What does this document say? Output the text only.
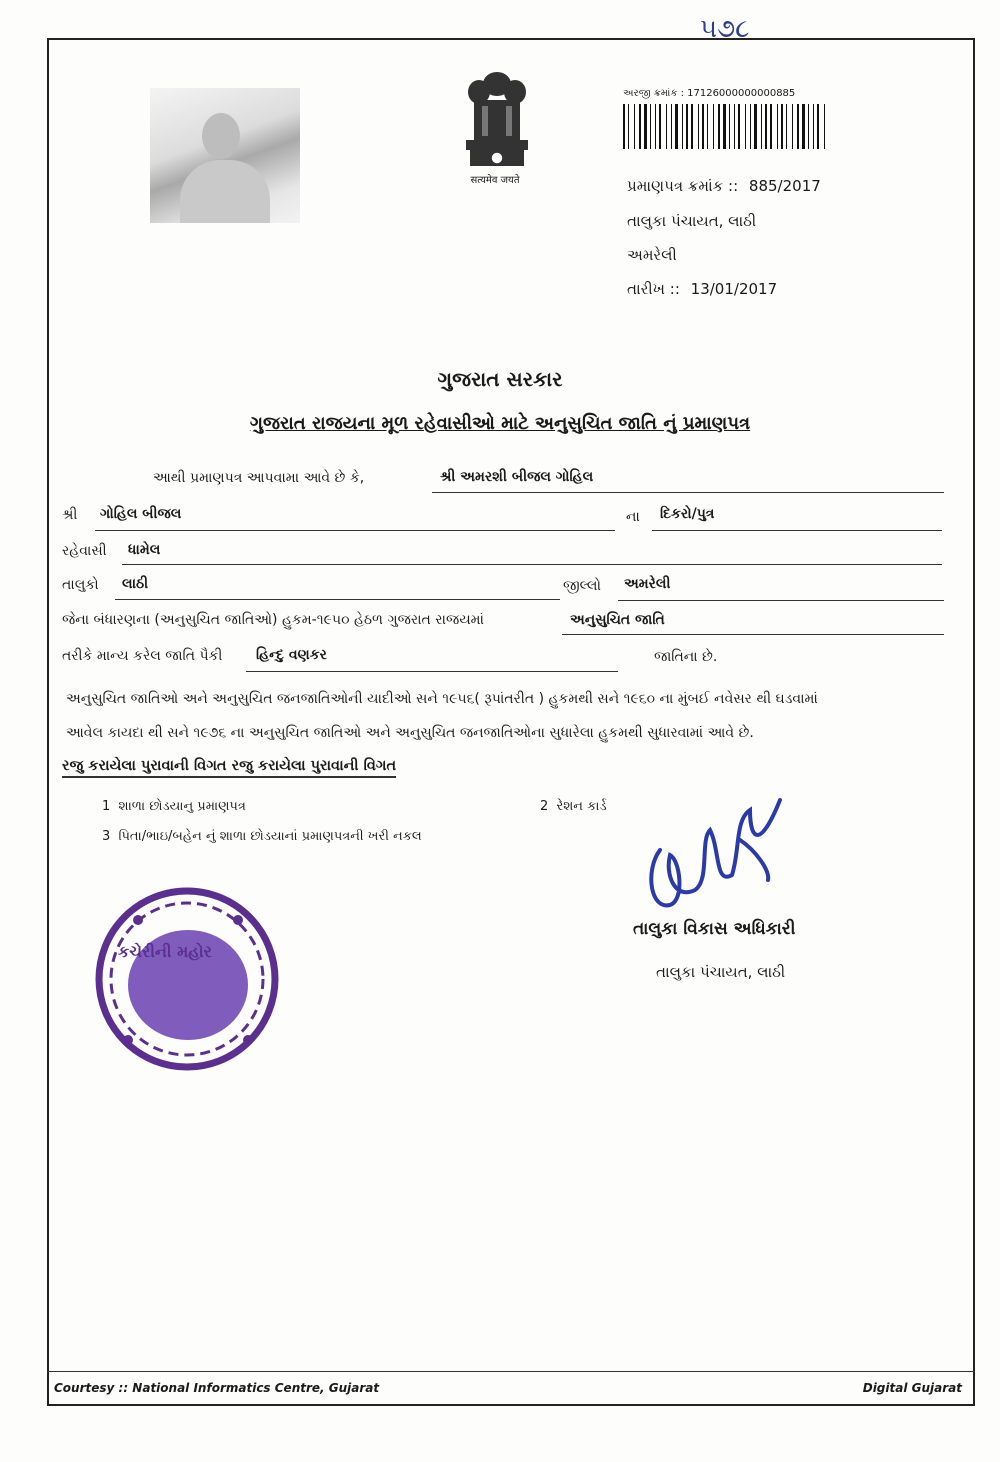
૫૭૮
सत्यमेव जयते
અરજી ક્રમાંક : 17126000000000885
પ્રમાણપત્ર ક્રમાંક :: 885/2017
તાલુકા પંચાયત, લાઠી
અમરેલી
તારીખ :: 13/01/2017
ગુજરાત સરકાર
ગુજરાત રાજયના મૂળ રહેવાસીઓ માટે અનુસુચિત જાતિ નું પ્રમાણપત્ર
આથી પ્રમાણપત્ર આપવામા આવે છે કે,	શ્રી અમરશી બીજલ ગોહિલ
શ્રી ગોહિલ બીજલ	ના દિકરો/પુત્ર
રહેવાસી ધામેલ
તાલુકો લાઠી	જીલ્લો અમરેલી
જેના બંધારણના (અનુસુચિત જાતિઓ) હુકમ-૧૯૫૦ હેઠળ ગુજરાત રાજયમાં	અનુસુચિત જાતિ
તરીકે માન્ય કરેલ જાતિ પૈકી હિન્દુ વણકર	જાતિના છે.
અનુસુચિત જાતિઓ અને અનુસુચિત જનજાતિઓની યાદીઓ સને ૧૯૫૬( રૂપાંતરીત ) હુકમથી સને ૧૯૬૦ ના મુંબઈ નવેસર થી ઘડવામાં
આવેલ કાયદા થી સને ૧૯૭૬ ના અનુસુચિત જાતિઓ અને અનુસુચિત જનજાતિઓના સુધારેલા હુકમથી સુધારવામાં આવે છે.
રજુ કરાયેલા પુરાવાની વિગત રજુ કરાયેલા પુરાવાની વિગત
1 શાળા છોડયાનુ પ્રમાણપત્ર	2 રેશન કાર્ડ
3 પિતા/ભાઇ/બહેન નું શાળા છોડયાનાં પ્રમાણપત્રની ખરી નકલ
કચેરીની મહોર
તાલુકા વિકાસ અધિકારી
તાલુકા પંચાયત, લાઠી
Courtesy :: National Informatics Centre, Gujarat	Digital Gujarat
